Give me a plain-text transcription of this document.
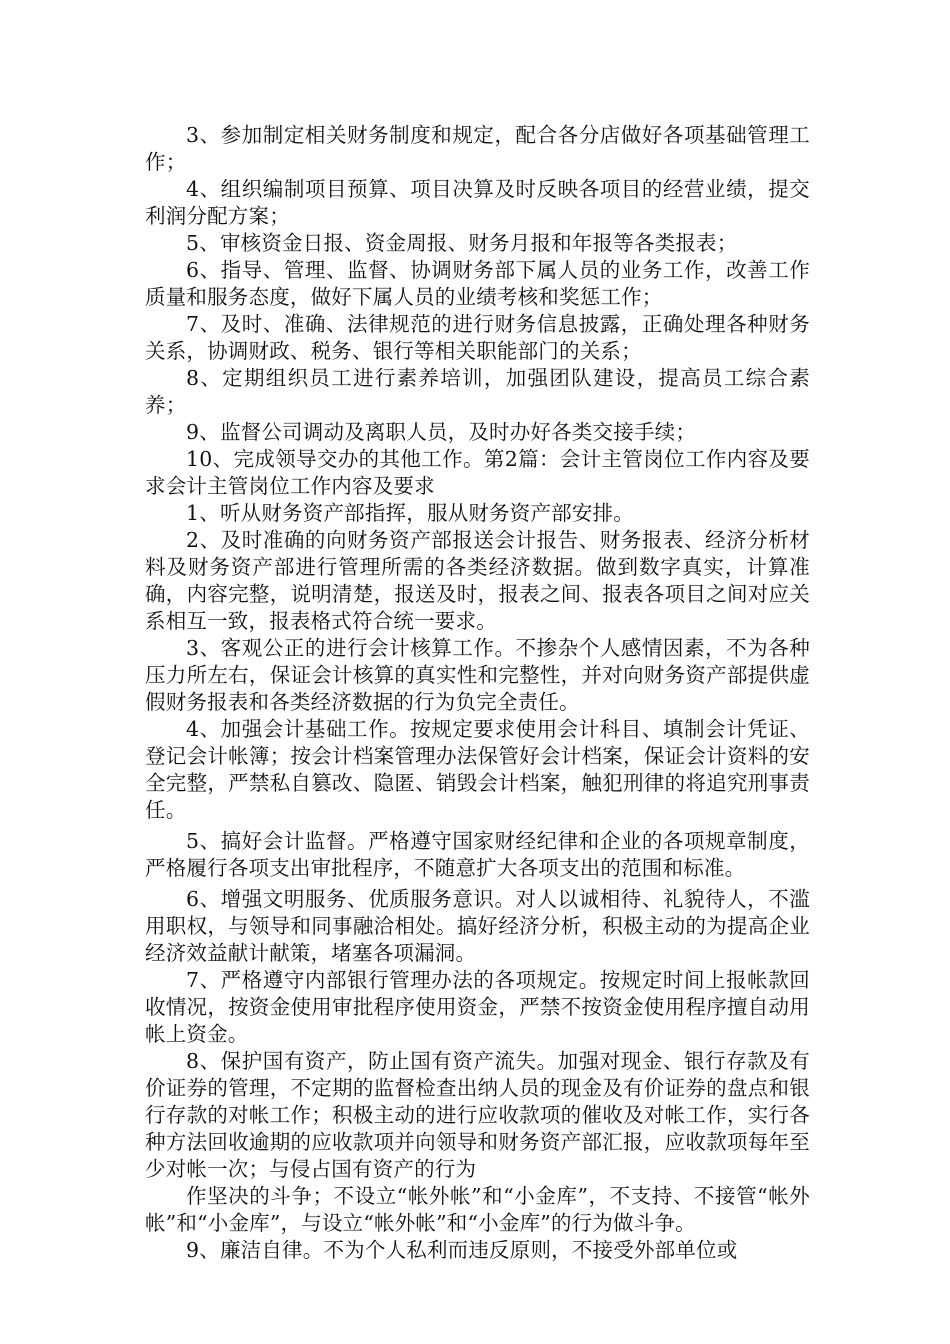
3、参加制定相关财务制度和规定，配合各分店做好各项基础管理工作；

4、组织编制项目预算、项目决算及时反映各项目的经营业绩，提交利润分配方案；

5、审核资金日报、资金周报、财务月报和年报等各类报表；

6、指导、管理、监督、协调财务部下属人员的业务工作，改善工作质量和服务态度，做好下属人员的业绩考核和奖惩工作；

7、及时、准确、法律规范的进行财务信息披露，正确处理各种财务关系，协调财政、税务、银行等相关职能部门的关系；

8、定期组织员工进行素养培训，加强团队建设，提高员工综合素养；

9、监督公司调动及离职人员，及时办好各类交接手续；

10、完成领导交办的其他工作。第2篇：会计主管岗位工作内容及要求会计主管岗位工作内容及要求

1、听从财务资产部指挥，服从财务资产部安排。

2、及时准确的向财务资产部报送会计报告、财务报表、经济分析材料及财务资产部进行管理所需的各类经济数据。做到数字真实，计算准确，内容完整，说明清楚，报送及时，报表之间、报表各项目之间对应关系相互一致，报表格式符合统一要求。

3、客观公正的进行会计核算工作。不掺杂个人感情因素，不为各种压力所左右，保证会计核算的真实性和完整性，并对向财务资产部提供虚假财务报表和各类经济数据的行为负完全责任。

4、加强会计基础工作。按规定要求使用会计科目、填制会计凭证、登记会计帐簿；按会计档案管理办法保管好会计档案，保证会计资料的安全完整，严禁私自篡改、隐匿、销毁会计档案，触犯刑律的将追究刑事责任。

5、搞好会计监督。严格遵守国家财经纪律和企业的各项规章制度，严格履行各项支出审批程序，不随意扩大各项支出的范围和标准。

6、增强文明服务、优质服务意识。对人以诚相待、礼貌待人，不滥用职权，与领导和同事融洽相处。搞好经济分析，积极主动的为提高企业经济效益献计献策，堵塞各项漏洞。

7、严格遵守内部银行管理办法的各项规定。按规定时间上报帐款回收情况，按资金使用审批程序使用资金，严禁不按资金使用程序擅自动用帐上资金。

8、保护国有资产，防止国有资产流失。加强对现金、银行存款及有价证券的管理，不定期的监督检查出纳人员的现金及有价证券的盘点和银行存款的对帐工作；积极主动的进行应收款项的催收及对帐工作，实行各种方法回收逾期的应收款项并向领导和财务资产部汇报，应收款项每年至少对帐一次；与侵占国有资产的行为

作坚决的斗争；不设立“帐外帐”和“小金库”，不支持、不接管“帐外帐”和“小金库”，与设立“帐外帐”和“小金库”的行为做斗争。

9、廉洁自律。不为个人私利而违反原则，不接受外部单位或
